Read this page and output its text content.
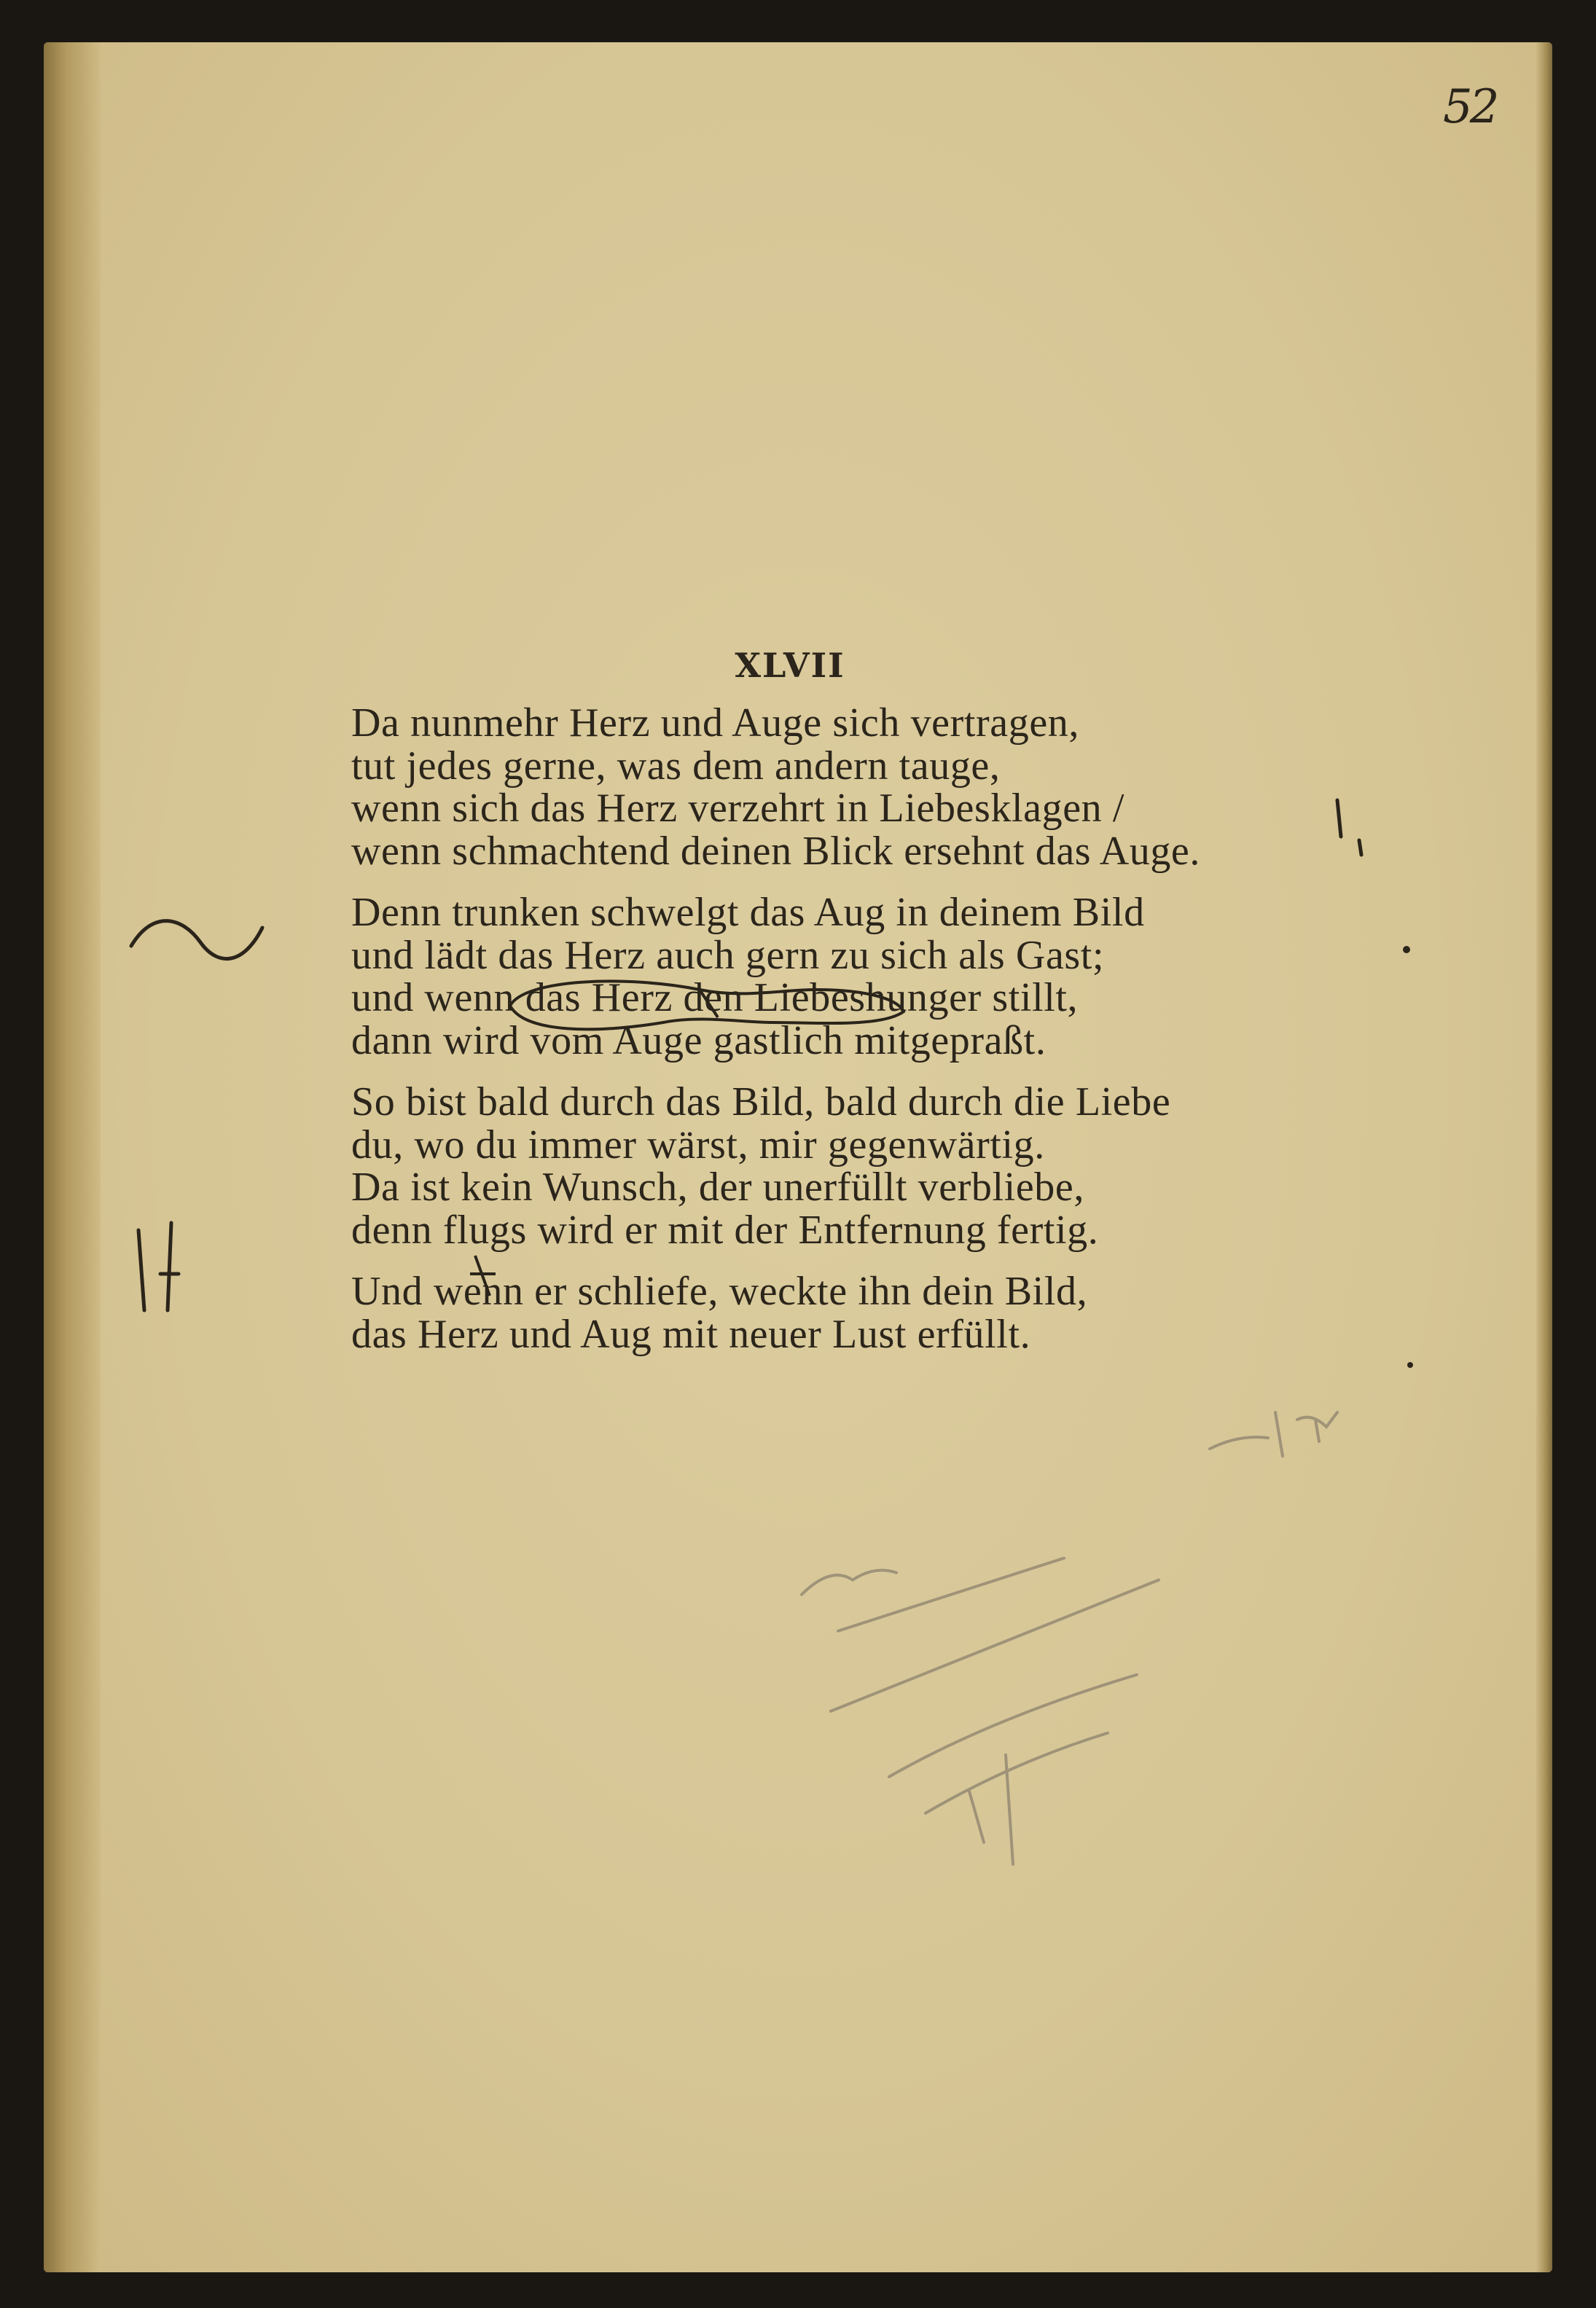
52
XLVII
Da nunmehr Herz und Auge sich vertragen,
tut jedes gerne, was dem andern tauge,
wenn sich das Herz verzehrt in Liebesklagen /
wenn schmachtend deinen Blick ersehnt das Auge.
Denn trunken schwelgt das Aug in deinem Bild
und lädt das Herz auch gern zu sich als Gast;
und wenn das Herz den Liebeshunger stillt,
dann wird vom Auge gastlich mitgepraßt.
So bist bald durch das Bild, bald durch die Liebe
du, wo du immer wärst, mir gegenwärtig.
Da ist kein Wunsch, der unerfüllt verbliebe,
denn flugs wird er mit der Entfernung fertig.
Und wenn er schliefe, weckte ihn dein Bild,
das Herz und Aug mit neuer Lust erfüllt.
